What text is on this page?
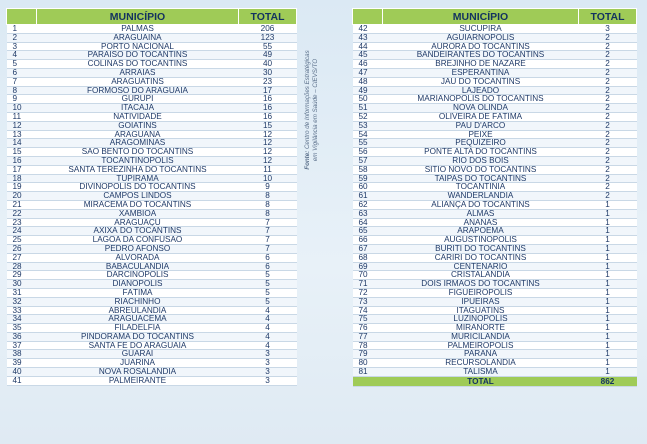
	MUNICÍPIO	TOTAL
1	PALMAS	206
2	ARAGUAÍNA	123
3	PORTO NACIONAL	55
4	PARAÍSO DO TOCANTINS	49
5	COLINAS DO TOCANTINS	40
6	ARRAIAS	30
7	ARAGUATINS	23
8	FORMOSO DO ARAGUAIA	17
9	GURUPI	16
10	ITACAJÁ	16
11	NATIVIDADE	16
12	GOIATINS	15
13	ARAGUANÃ	12
14	ARAGOMINAS	12
15	SÃO BENTO DO TOCANTINS	12
16	TOCANTINÓPOLIS	12
17	SANTA TEREZINHA DO TOCANTINS	11
18	TUPIRAMA	10
19	DIVINÓPOLIS DO TOCANTINS	9
20	CAMPOS LINDOS	8
21	MIRACEMA DO TOCANTINS	8
22	XAMBIOÁ	8
23	ARAGUAÇÚ	7
24	AXIXÁ DO TOCANTINS	7
25	LAGOA DA CONFUSÃO	7
26	PEDRO AFONSO	7
27	ALVORADA	6
28	BABACULÂNDIA	6
29	DARCINÓPOLIS	5
30	DIANÓPOLIS	5
31	FÁTIMA	5
32	RIACHINHO	5
33	ABREULÂNDIA	4
34	ARAGUACEMA	4
35	FILADÉLFIA	4
36	PINDORAMA DO TOCANTINS	4
37	SANTA FÉ DO ARAGUAIA	4
38	GUARAÍ	3
39	JUARINA	3
40	NOVA ROSALÂNDIA	3
41	PALMEIRANTE	3
Fonte: Centro de Informações Estratégicas
em Vigilância em Saúde – CIEVS/TO
	MUNICÍPIO	TOTAL
42	SUCUPIRA	3
43	AGUIARNÓPOLIS	2
44	AURORA DO TOCANTINS	2
45	BANDEIRANTES DO TOCANTINS	2
46	BREJINHO DE NAZARÉ	2
47	ESPERANTINA	2
48	JAÚ DO TOCANTINS	2
49	LAJEADO	2
50	MARIANÓPOLIS DO TOCANTINS	2
51	NOVA OLINDA	2
52	OLIVEIRA DE FÁTIMA	2
53	PAU D'ARCO	2
54	PEIXE	2
55	PEQUIZEIRO	2
56	PONTE ALTA DO TOCANTINS	2
57	RIO DOS BOIS	2
58	SITIO NOVO DO TOCANTINS	2
59	TAIPAS DO TOCANTINS	2
60	TOCANTÍNIA	2
61	WANDERLÂNDIA	2
62	ALIANÇA DO TOCANTINS	1
63	ALMAS	1
64	ANANÁS	1
65	ARAPOEMA	1
66	AUGUSTINÓPOLIS	1
67	BURITI DO TOCANTINS	1
68	CARIRI DO TOCANTINS	1
69	CENTENÁRIO	1
70	CRISTALÂNDIA	1
71	DOIS IRMÃOS DO TOCANTINS	1
72	FIGUEIRÓPOLIS	1
73	IPUEIRAS	1
74	ITAGUATINS	1
75	LUZINÓPOLIS	1
76	MIRANORTE	1
77	MURICILÂNDIA	1
78	PALMEIRÓPOLIS	1
79	PARANÃ	1
80	RECURSOLÂNDIA	1
81	TALISMÃ	1
	TOTAL	862
